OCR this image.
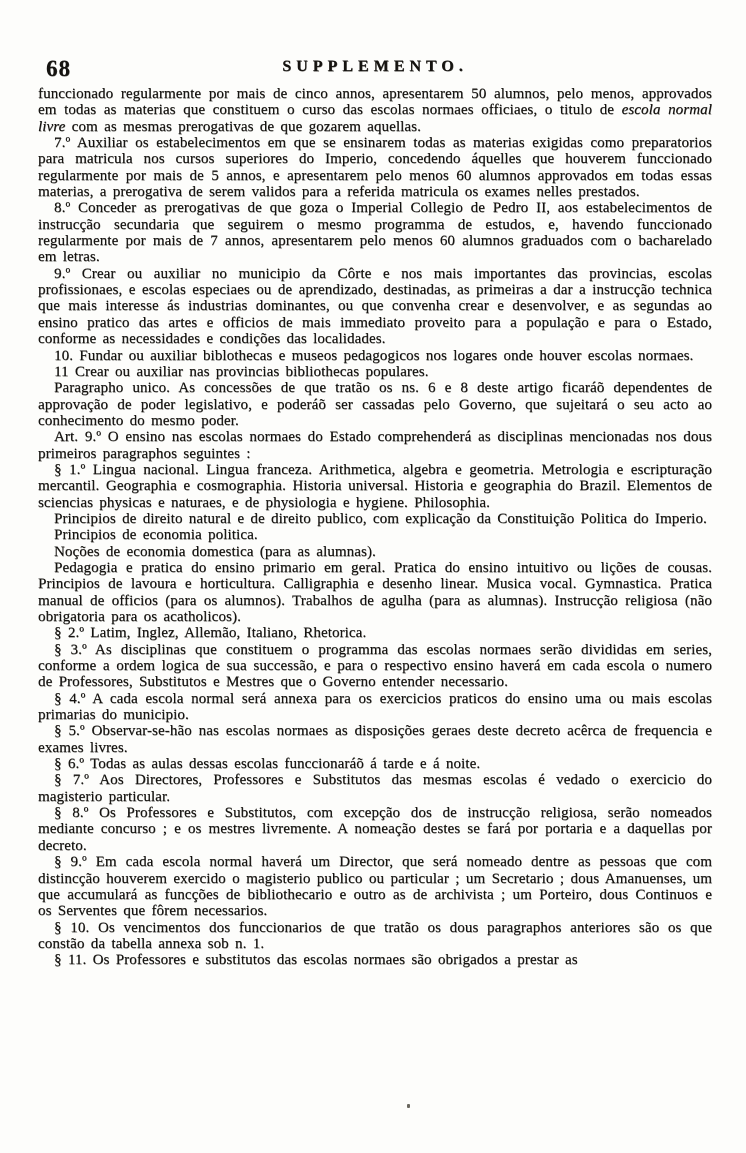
68	SUPPLEMENTO.

funccionado regularmente por mais de cinco annos, apresentarem 50 alumnos, pelo menos, approvados em todas as materias que constituem o curso das escolas normaes officiaes, o titulo de escola normal livre com as mesmas prerogativas de que gozarem aquellas.

7.º Auxiliar os estabelecimentos em que se ensinarem todas as materias exigidas como preparatorios para matricula nos cursos superiores do Imperio, concedendo áquelles que houverem funccionado regularmente por mais de 5 annos, e apresentarem pelo menos 60 alumnos approvados em todas essas materias, a prerogativa de serem validos para a referida matricula os exames nelles prestados.

8.º Conceder as prerogativas de que goza o Imperial Collegio de Pedro II, aos estabelecimentos de instrucção secundaria que seguirem o mesmo programma de estudos, e, havendo funccionado regularmente por mais de 7 annos, apresentarem pelo menos 60 alumnos graduados com o bacharelado em letras.

9.º Crear ou auxiliar no municipio da Côrte e nos mais importantes das provincias, escolas profissionaes, e escolas especiaes ou de aprendizado, destinadas, as primeiras a dar a instrucção technica que mais interesse ás industrias dominantes, ou que convenha crear e desenvolver, e as segundas ao ensino pratico das artes e officios de mais immediato proveito para a população e para o Estado, conforme as necessidades e condições das localidades.

10. Fundar ou auxiliar biblothecas e museos pedagogicos nos logares onde houver escolas normaes.

11 Crear ou auxiliar nas provincias bibliothecas populares.

Paragrapho unico. As concessões de que tratão os ns. 6 e 8 deste artigo ficaráõ dependentes de approvação de poder legislativo, e poderáõ ser cassadas pelo Governo, que sujeitará o seu acto ao conhecimento do mesmo poder.

Art. 9.º O ensino nas escolas normaes do Estado comprehenderá as disciplinas mencionadas nos dous primeiros paragraphos seguintes :

§ 1.º Lingua nacional. Lingua franceza. Arithmetica, algebra e geometria. Metrologia e escripturação mercantil. Geographia e cosmographia. Historia universal. Historia e geographia do Brazil. Elementos de sciencias physicas e naturaes, e de physiologia e hygiene. Philosophia.

Principios de direito natural e de direito publico, com explicação da Constituição Politica do Imperio.

Principios de economia politica.

Noções de economia domestica (para as alumnas).

Pedagogia e pratica do ensino primario em geral. Pratica do ensino intuitivo ou lições de cousas. Principios de lavoura e horticultura. Calligraphia e desenho linear. Musica vocal. Gymnastica. Pratica manual de officios (para os alumnos). Trabalhos de agulha (para as alumnas). Instrucção religiosa (não obrigatoria para os acatholicos).

§ 2.º Latim, Inglez, Allemão, Italiano, Rhetorica.

§ 3.º As disciplinas que constituem o programma das escolas normaes serão divididas em series, conforme a ordem logica de sua successão, e para o respectivo ensino haverá em cada escola o numero de Professores, Substitutos e Mestres que o Governo entender necessario.

§ 4.º A cada escola normal será annexa para os exercicios praticos do ensino uma ou mais escolas primarias do municipio.

§ 5.º Observar-se-hão nas escolas normaes as disposições geraes deste decreto acêrca de frequencia e exames livres.

§ 6.º Todas as aulas dessas escolas funccionaráõ á tarde e á noite.

§ 7.º Aos Directores, Professores e Substitutos das mesmas escolas é vedado o exercicio do magisterio particular.

§ 8.º Os Professores e Substitutos, com excepção dos de instrucção religiosa, serão nomeados mediante concurso ; e os mestres livremente. A nomeação destes se fará por portaria e a daquellas por decreto.

§ 9.º Em cada escola normal haverá um Director, que será nomeado dentre as pessoas que com distincção houverem exercido o magisterio publico ou particular ; um Secretario ; dous Amanuenses, um que accumulará as funcções de bibliothecario e outro as de archivista ; um Porteiro, dous Continuos e os Serventes que fôrem necessarios.

§ 10. Os vencimentos dos funccionarios de que tratão os dous paragraphos anteriores são os que constão da tabella annexa sob n. 1.

§ 11. Os Professores e substitutos das escolas normaes são obrigados a prestar as
